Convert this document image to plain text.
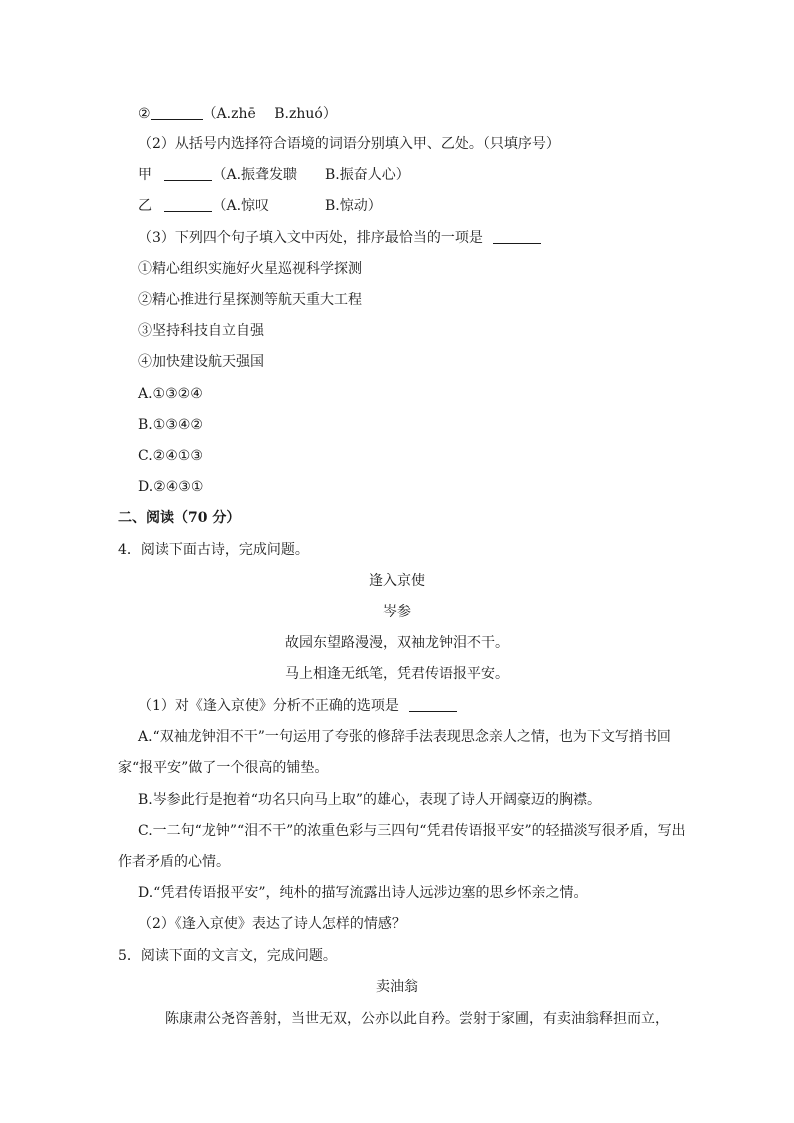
②	（A.zhē　 B.zhuó）
（2）从括号内选择符合语境的词语分别填入甲、乙处。（只填序号）
甲	（A.振聋发聩　　B.振奋人心）
乙	（A.惊叹　　　　B.惊动）
（3）下列四个句子填入文中丙处，排序最恰当的一项是
①精心组织实施好火星巡视科学探测
②精心推进行星探测等航天重大工程
③坚持科技自立自强
④加快建设航天强国
A.①③②④
B.①③④②
C.②④①③
D.②④③①
二、阅读（70 分）
4．阅读下面古诗，完成问题。
逢入京使
岑参
故园东望路漫漫，双袖龙钟泪不干。
马上相逢无纸笔，凭君传语报平安。
（1）对《逢入京使》分析不正确的选项是
A.“双袖龙钟泪不干”一句运用了夸张的修辞手法表现思念亲人之情，也为下文写捎书回
家“报平安”做了一个很高的铺垫。
B.岑参此行是抱着“功名只向马上取”的雄心，表现了诗人开阔豪迈的胸襟。
C.一二句“龙钟”“泪不干”的浓重色彩与三四句“凭君传语报平安”的轻描淡写很矛盾，写出
作者矛盾的心情。
D.“凭君传语报平安”，纯朴的描写流露出诗人远涉边塞的思乡怀亲之情。
（2）《逢入京使》表达了诗人怎样的情感？
5．阅读下面的文言文，完成问题。
卖油翁
陈康肃公尧咨善射，当世无双，公亦以此自矜。尝射于家圃，有卖油翁释担而立，
